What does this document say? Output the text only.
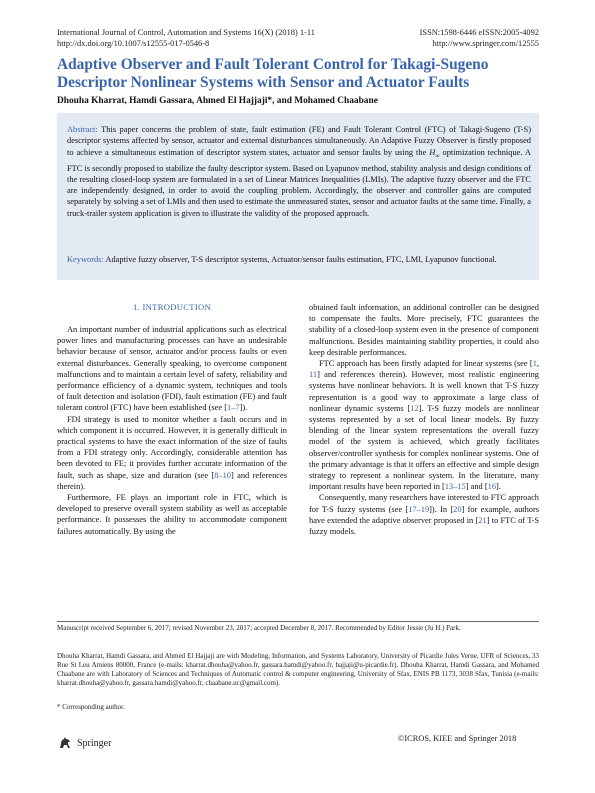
International Journal of Control, Automation and Systems 16(X) (2018) 1-11
http://dx.doi.org/10.1007/s12555-017-0546-8
ISSN:1598-6446 eISSN:2005-4092
http://www.springer.com/12555
Adaptive Observer and Fault Tolerant Control for Takagi-Sugeno Descriptor Nonlinear Systems with Sensor and Actuator Faults
Dhouha Kharrat, Hamdi Gassara, Ahmed El Hajjaji*, and Mohamed Chaabane
Abstract: This paper concerns the problem of state, fault estimation (FE) and Fault Tolerant Control (FTC) of Takagi-Sugeno (T-S) descriptor systems affected by sensor, actuator and external disturbances simultaneously. An Adaptive Fuzzy Observer is firstly proposed to achieve a simultaneous estimation of descriptor system states, actuator and sensor faults by using the $H_\infty$ optimization technique. A FTC is secondly proposed to stabilize the faulty descriptor system. Based on Lyapunov method, stability analysis and design conditions of the resulting closed-loop system are formulated in a set of Linear Matrices Inequalities (LMIs). The adaptive fuzzy observer and the FTC are independently designed, in order to avoid the coupling problem. Accordingly, the observer and controller gains are computed separately by solving a set of LMIs and then used to estimate the unmeasured states, sensor and actuator faults at the same time. Finally, a truck-trailer system application is given to illustrate the validity of the proposed approach.
Keywords: Adaptive fuzzy observer, T-S descriptor systems, Actuator/sensor faults estimation, FTC, LMI, Lyapunov functional.
1. INTRODUCTION

An important number of industrial applications such as electrical power lines and manufacturing processes can have an undesirable behavior because of sensor, actuator and/or process faults or even external disturbances. Generally speaking, to overcome component malfunctions and to maintain a certain level of safety, reliability and performance efficiency of a dynamic system, techniques and tools of fault detection and isolation (FDI), fault estimation (FE) and fault tolerant control (FTC) have been established (see [1–7]).

FDI strategy is used to monitor whether a fault occurs and in which component it is occurred. However, it is generally difficult in practical systems to have the exact information of the size of faults from a FDI strategy only. Accordingly, considerable attention has been devoted to FE; it provides further accurate information of the fault, such as shape, size and duration (see [8–10] and references therein).

Furthermore, FE plays an important role in FTC, which is developed to preserve overall system stability as well as acceptable performance. It possesses the ability to accommodate component failures automatically. By using the

obtained fault information, an additional controller can be designed to compensate the faults. More precisely, FTC guarantees the stability of a closed-loop system even in the presence of component malfunctions. Besides maintaining stability properties, it could also keep desirable performances.

FTC approach has been firstly adapted for linear systems (see [1, 11] and references therein). However, most realistic engineering systems have nonlinear behaviors. It is well known that T-S fuzzy representation is a good way to approximate a large class of nonlinear dynamic systems [12]. T-S fuzzy models are nonlinear systems represented by a set of local linear models. By fuzzy blending of the linear system representations the overall fuzzy model of the system is achieved, which greatly facilitates observer/controller synthesis for complex nonlinear systems. One of the primary advantage is that it offers an effective and simple design strategy to represent a nonlinear system. In the literature, many important results have been reported in [13–15] and [16].

Consequently, many researchers have interested to FTC approach for T-S fuzzy systems (see [17–19]). In [20] for example, authors have extended the adaptive observer proposed in [21] to FTC of T-S fuzzy models.

Manuscript received September 6, 2017; revised November 23, 2017; accepted December 8, 2017. Recommended by Editor Jessie (Ju H.) Park.
Dhouha Kharrat, Hamdi Gassara, and Ahmed El Hajjaji are with Modeling, Information, and Systems Laboratory, University of Picardie Jules Verne, UFR of Sciences, 33 Rue St Leu Amiens 80000, France (e-mails: kharrat.dhouha@yahoo.fr, gassara.hamdi@yahoo.fr, hajjaji@u-picardie.fr). Dhouha Kharrat, Hamdi Gassara, and Mohamed Chaabane are with Laboratory of Sciences and Techniques of Automatic control & computer engineering, University of Sfax, ENIS PB 1173, 3038 Sfax, Tunisia (e-mails: kharrat.dhouha@yahoo.fr, gassara.hamdi@yahoo.fr, chaabane.uc@gmail.com).
* Corresponding author.
Springer	©ICROS, KIEE and Springer 2018
